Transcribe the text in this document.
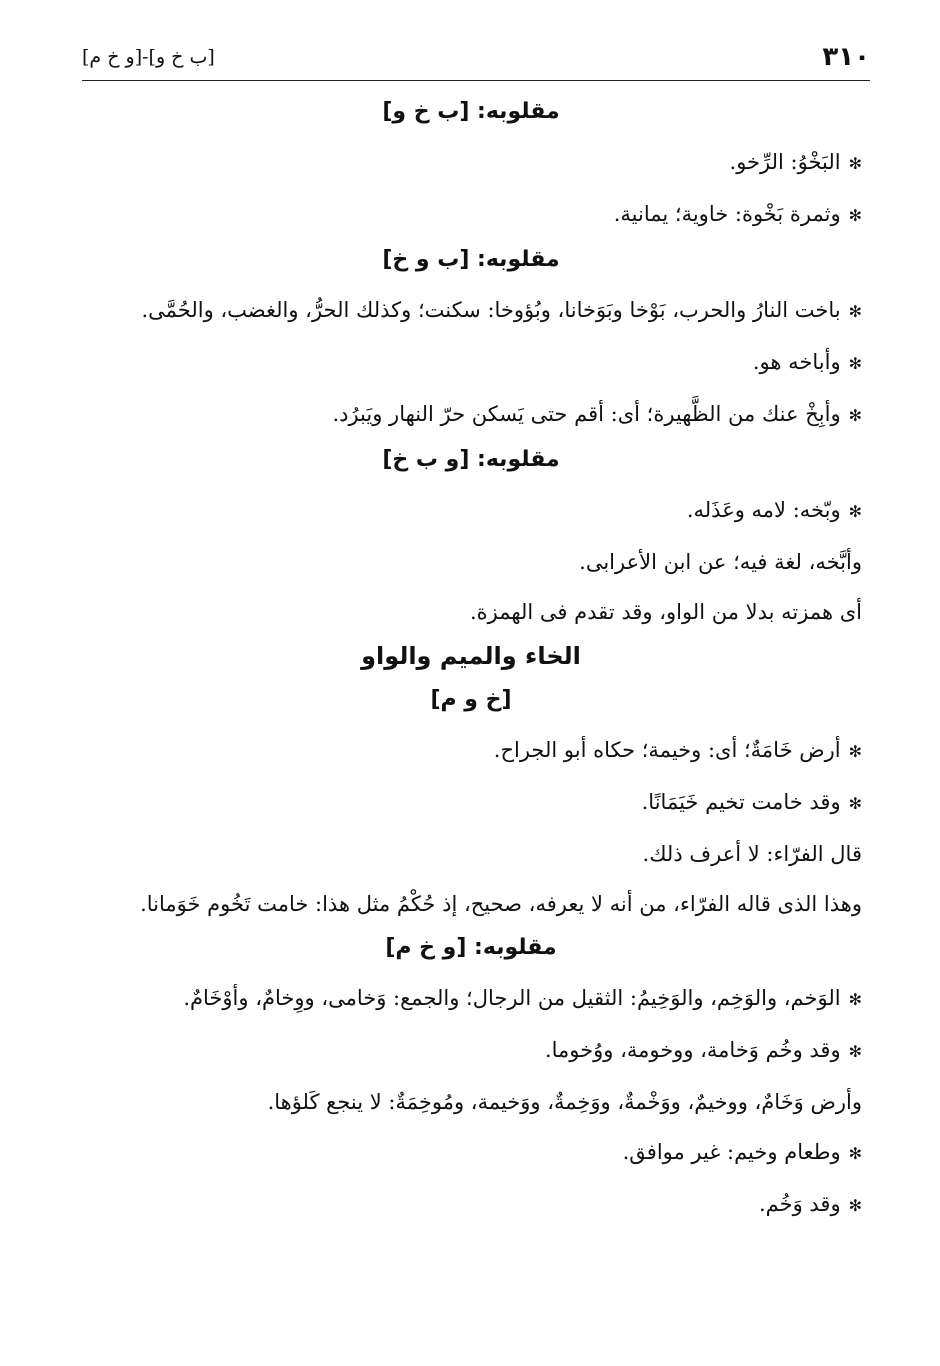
٣١٠
[ب خ و]-[و خ م]
مقلوبه: [ب خ و]

✻البَخْوُ: الرِّخو.

✻وثمرة بَخْوة: خاوية؛ يمانية.

مقلوبه: [ب و خ]

✻باخت النارُ والحرب، بَوْخا وبَوَخانا، وبُؤوخا: سكنت؛ وكذلك الحرُّ، والغضب، والحُمَّى.

✻وأباخه هو.

✻وأبِخْ عنك من الظَّهيرة؛ أى: أقم حتى يَسكن حرّ النهار ويَبرُد.

مقلوبه: [و ب خ]

✻وبّخه: لامه وعَذَله.

وأبَّخه، لغة فيه؛ عن ابن الأعرابى.

أى همزته بدلا من الواو، وقد تقدم فى الهمزة.

الخاء والميم والواو
[خ و م]

✻أرض خَامَةٌ؛ أى: وخيمة؛ حكاه أبو الجراح.

✻وقد خامت تخيم خَيَمَانًا.

قال الفرّاء: لا أعرف ذلك.

وهذا الذى قاله الفرّاء، من أنه لا يعرفه، صحيح، إذ حُكْمُ مثل هذا: خامت تَخُوم خَوَمانا.

مقلوبه: [و خ م]

✻الوَخم، والوَخِم، والوَخِيمُ: الثقيل من الرجال؛ والجمع: وَخامى، ووِخامٌ، وأوْخَامٌ.

✻وقد وخُم وَخامة، ووخومة، ووُخوما.

وأرض وَخَامٌ، ووخيمٌ، ووَخْمةٌ، ووَخِمةٌ، ووَخيمة، ومُوخِمَةٌ: لا ينجع كَلؤها.

✻وطعام وخيم: غير موافق.

✻وقد وَخُم.
